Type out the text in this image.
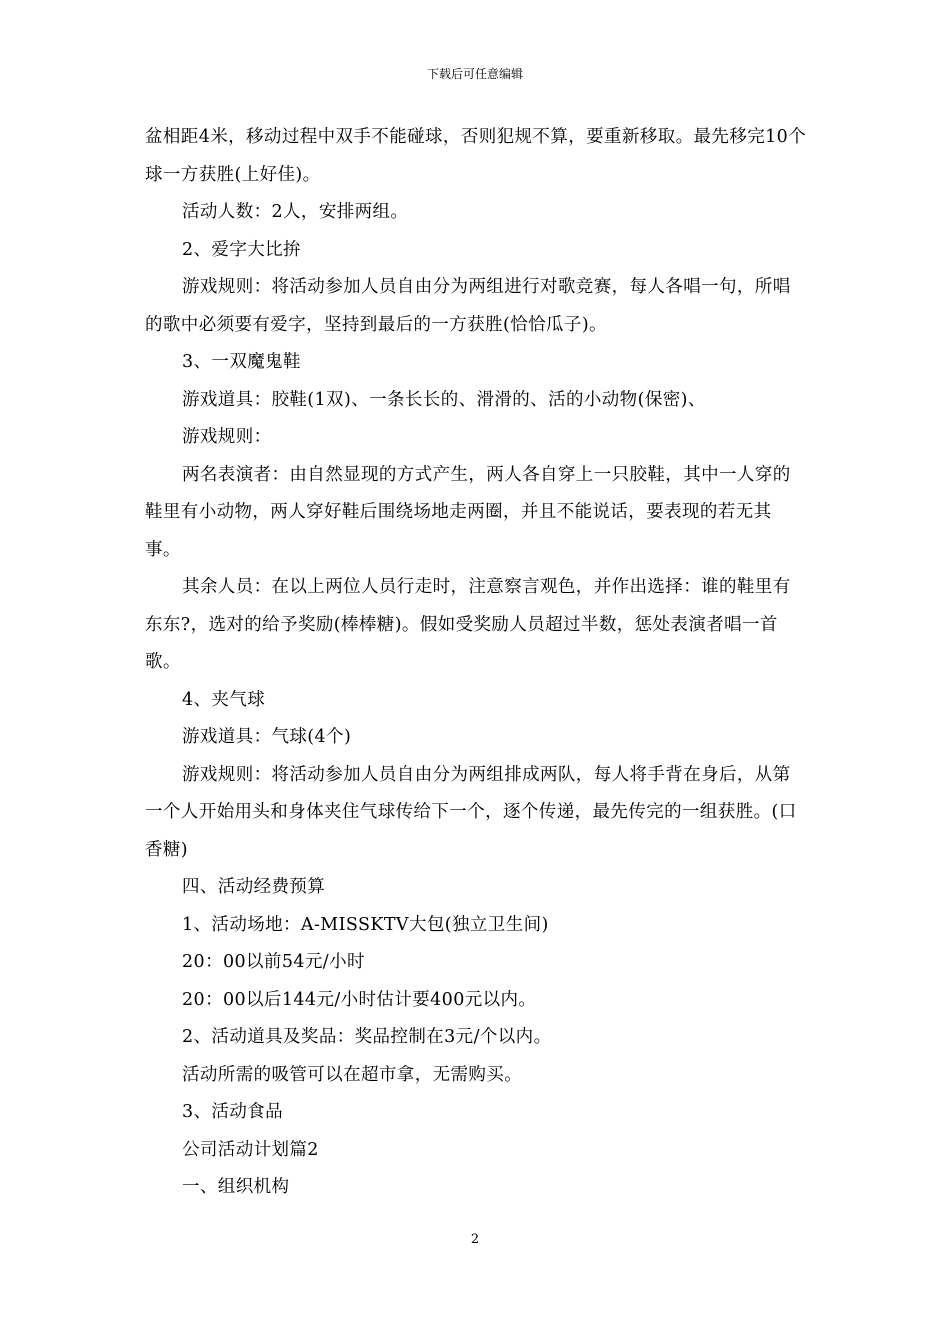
下载后可任意编辑

盆相距4米，移动过程中双手不能碰球，否则犯规不算，要重新移取。最先移完10个球一方获胜(上好佳)。

活动人数：2人，安排两组。

2、爱字大比拚

游戏规则：将活动参加人员自由分为两组进行对歌竞赛，每人各唱一句，所唱的歌中必须要有爱字，坚持到最后的一方获胜(恰恰瓜子)。

3、一双魔鬼鞋

游戏道具：胶鞋(1双)、一条长长的、滑滑的、活的小动物(保密)、

游戏规则：

两名表演者：由自然显现的方式产生，两人各自穿上一只胶鞋，其中一人穿的鞋里有小动物，两人穿好鞋后围绕场地走两圈，并且不能说话，要表现的若无其事。

其余人员：在以上两位人员行走时，注意察言观色，并作出选择：谁的鞋里有东东?，选对的给予奖励(棒棒糖)。假如受奖励人员超过半数，惩处表演者唱一首歌。

4、夹气球

游戏道具：气球(4个)

游戏规则：将活动参加人员自由分为两组排成两队，每人将手背在身后，从第一个人开始用头和身体夹住气球传给下一个，逐个传递，最先传完的一组获胜。(口香糖)

四、活动经费预算

1、活动场地：A-MISSKTV大包(独立卫生间)

20：00以前54元/小时

20：00以后144元/小时估计要400元以内。

2、活动道具及奖品：奖品控制在3元/个以内。

活动所需的吸管可以在超市拿，无需购买。

3、活动食品

公司活动计划篇2

一、组织机构

2
